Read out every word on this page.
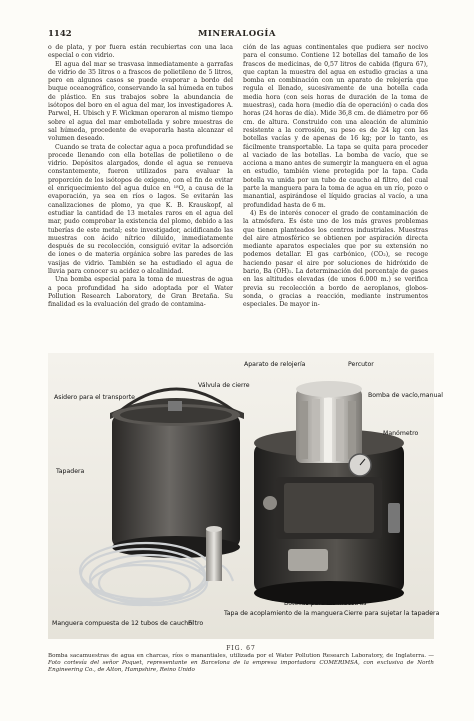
1142	MINERALOGÍA

o de plata, y por fuera están recubiertas con una laca especial o con vidrio.

El agua del mar se trasvasa inmediatamente a garrafas de vidrio de 35 litros o a frascos de polietileno de 5 litros, pero en algunos casos se puede evaporar a bordo del buque oceanográfico, conservando la sal húmeda en tubos de plástico. En sus trabajos sobre la abundancia de isótopos del boro en el agua del mar, los investigadores A. Parwel, H. Ubisch y F. Wickman operaron al mismo tiempo sobre el agua del mar embotellada y sobre muestras de sal húmeda, procedente de evaporarla hasta alcanzar el volumen deseado.

Cuando se trata de colectar agua a poca profundidad se procede llenando con ella botellas de polietileno o de vidrio. Depósitos alargados, donde el agua se renueva constantemente, fueron utilizados para evaluar la proporción de los isótopos de oxígeno, con el fin de evitar el enriquecimiento del agua dulce en ¹⁸O, a causa de la evaporación, ya sea en ríos o lagos. Se evitarán las canalizaciones de plomo, ya que K. B. Krauskopf, al estudiar la cantidad de 13 metales raros en el agua del mar, pudo comprobar la existencia del plomo, debido a las tuberías de este metal; este investigador, acidificando las muestras con ácido nítrico diluido, inmediatamente después de su recolección, consiguió evitar la adsorción de iones o de materia orgánica sobre las paredes de las vasijas de vidrio. También se ha estudiado el agua de lluvia para conocer su acidez o alcalinidad.

Una bomba especial para la toma de muestras de agua a poca profundidad ha sido adoptada por el Water Pollution Research Laboratory, de Gran Bretaña. Su finalidad es la evaluación del grado de contamina-

ción de las aguas continentales que pudiera ser nocivo para el consumo. Contiene 12 botellas del tamaño de los frascos de medicinas, de 0,57 litros de cabida (figura 67), que captan la muestra del agua en estudio gracias a una bomba en combinación con un aparato de relojería que regula el llenado, sucesivamente de una botella cada media hora (con seis horas de duración de la toma de muestras), cada hora (medio día de operación) o cada dos horas (24 horas de día). Mide 36,8 cm. de diámetro por 66 cm. de altura. Construido con una aleación de aluminio resistente a la corrosión, su peso es de 24 kg con las botellas vacías y de apenas de 16 kg; por lo tanto, es fácilmente transportable. La tapa se quita para proceder al vaciado de las botellas. La bomba de vacío, que se acciona a mano antes de sumergir la manguera en el agua en estudio, también viene protegida por la tapa. Cada botella va unida por un tubo de caucho al filtro, del cual parte la manguera para la toma de agua en un río, pozo o manantial, aspirándose el líquido gracias al vacío, a una profundidad hasta de 6 m.

4) Es de interés conocer el grado de contaminación de la atmósfera. Es éste uno de los más graves problemas que tienen planteados los centros industriales. Muestras del aire atmosférico se obtienen por aspiración directa mediante aparatos especiales que por su extensión no podemos detallar. El gas carbónico, (CO₂), se recoge haciendo pasar el aire por soluciones de hidróxido de bario, Ba (OH)₂. La determinación del porcentaje de gases en las altitudes elevadas (de unos 6.000 m.) se verifica previa su recolección a bordo de aeroplanos, globos-sonda, o gracias a reacción, mediante instrumentos especiales. De mayor in-

Aparato de relojería	Percutor
Válvula de cierre
Asidero para el transporte	Bomba de vacío,manual
Manómetro
Tapadera
Botellas para las muestras
Cierre para sujetar la tapadera
Manguera compuesta de 12 tubos de caucho
Filtro
Tapa de acoplamiento de la manguera
FIG. 67
Bomba sacamuestras de agua en charcas, ríos o manantiales, utilizada por el Water Pollution Research Laboratory, de Inglaterra. — Foto cortesía del señor Poquet, representante en Barcelona de la empresa importadora COMERIMSA, con exclusiva de North Engineering Co., de Alton, Hampshire, Reino Unido
